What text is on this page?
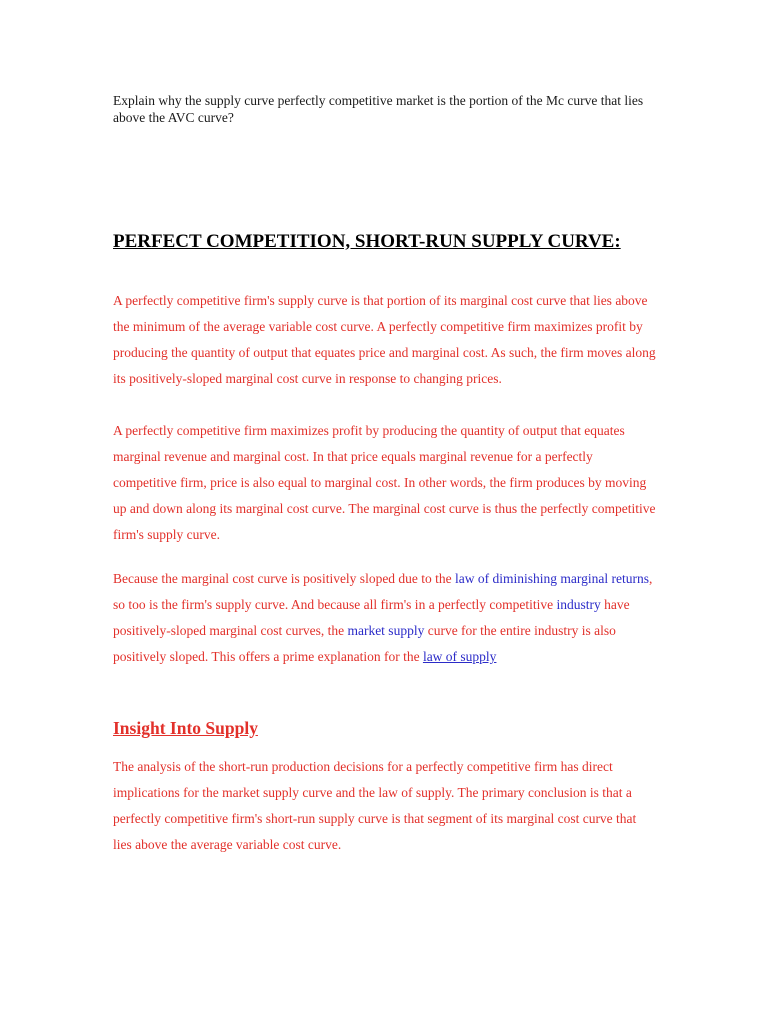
Explain why the supply curve perfectly competitive market is the portion of the Mc curve that lies above the AVC curve?

PERFECT COMPETITION, SHORT-RUN SUPPLY CURVE:

A perfectly competitive firm's supply curve is that portion of its marginal cost curve that lies above the minimum of the average variable cost curve. A perfectly competitive firm maximizes profit by producing the quantity of output that equates price and marginal cost. As such, the firm moves along its positively-sloped marginal cost curve in response to changing prices.

A perfectly competitive firm maximizes profit by producing the quantity of output that equates marginal revenue and marginal cost. In that price equals marginal revenue for a perfectly competitive firm, price is also equal to marginal cost. In other words, the firm produces by moving up and down along its marginal cost curve. The marginal cost curve is thus the perfectly competitive firm's supply curve.

Because the marginal cost curve is positively sloped due to the law of diminishing marginal returns, so too is the firm's supply curve. And because all firm's in a perfectly competitive industry have positively-sloped marginal cost curves, the market supply curve for the entire industry is also positively sloped. This offers a prime explanation for the law of supply

Insight Into Supply

The analysis of the short-run production decisions for a perfectly competitive firm has direct implications for the market supply curve and the law of supply. The primary conclusion is that a perfectly competitive firm's short-run supply curve is that segment of its marginal cost curve that lies above the average variable cost curve.
